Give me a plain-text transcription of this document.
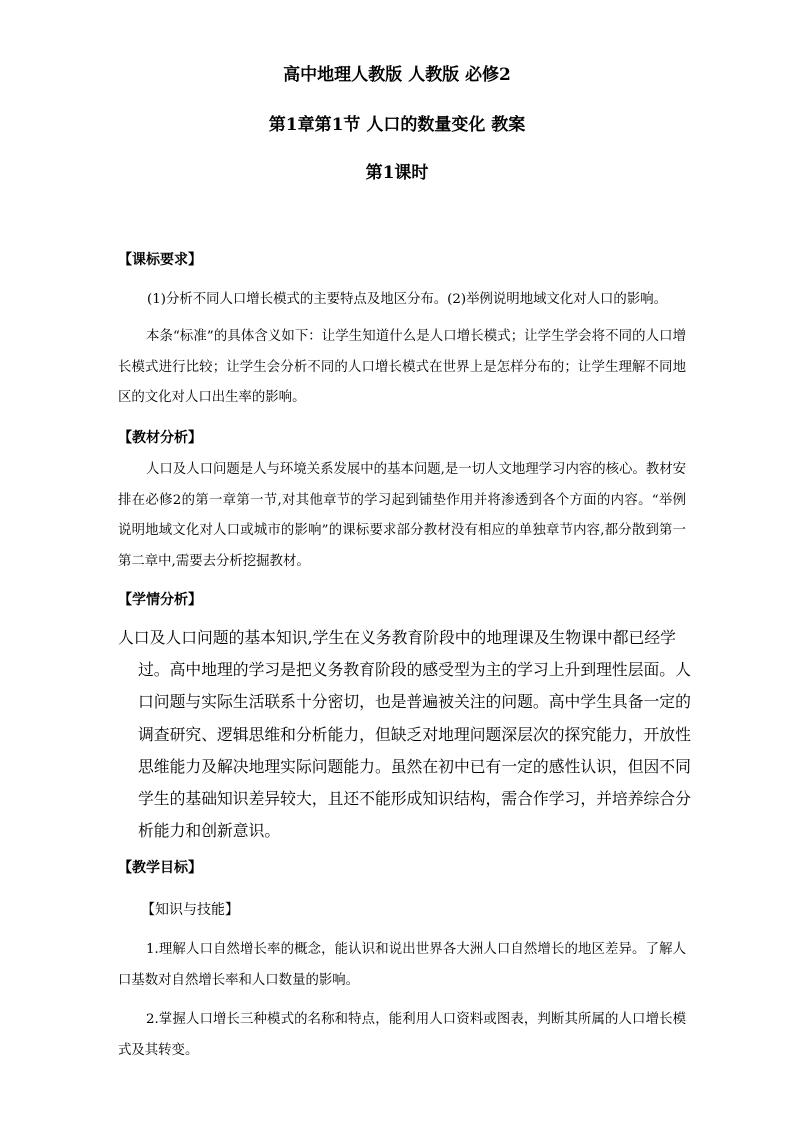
高中地理人教版 人教版 必修2
第1章第1节 人口的数量变化 教案
第1课时
【课标要求】
(1)分析不同人口增长模式的主要特点及地区分布。(2)举例说明地域文化对人口的影响。
本条“标准”的具体含义如下：让学生知道什么是人口增长模式；让学生学会将不同的人口增长模式进行比较；让学生会分析不同的人口增长模式在世界上是怎样分布的；让学生理解不同地区的文化对人口出生率的影响。
【教材分析】
人口及人口问题是人与环境关系发展中的基本问题,是一切人文地理学习内容的核心。教材安排在必修2的第一章第一节,对其他章节的学习起到铺垫作用并将渗透到各个方面的内容。“举例说明地域文化对人口或城市的影响”的课标要求部分教材没有相应的单独章节内容,都分散到第一第二章中,需要去分析挖掘教材。
【学情分析】
人口及人口问题的基本知识,学生在义务教育阶段中的地理课及生物课中都已经学过。高中地理的学习是把义务教育阶段的感受型为主的学习上升到理性层面。人口问题与实际生活联系十分密切，也是普遍被关注的问题。高中学生具备一定的调查研究、逻辑思维和分析能力，但缺乏对地理问题深层次的探究能力，开放性思维能力及解决地理实际问题能力。虽然在初中已有一定的感性认识，但因不同学生的基础知识差异较大，且还不能形成知识结构，需合作学习，并培养综合分析能力和创新意识。
【教学目标】
【知识与技能】
1.理解人口自然增长率的概念，能认识和说出世界各大洲人口自然增长的地区差异。了解人口基数对自然增长率和人口数量的影响。
2.掌握人口增长三种模式的名称和特点，能利用人口资料或图表，判断其所属的人口增长模式及其转变。
